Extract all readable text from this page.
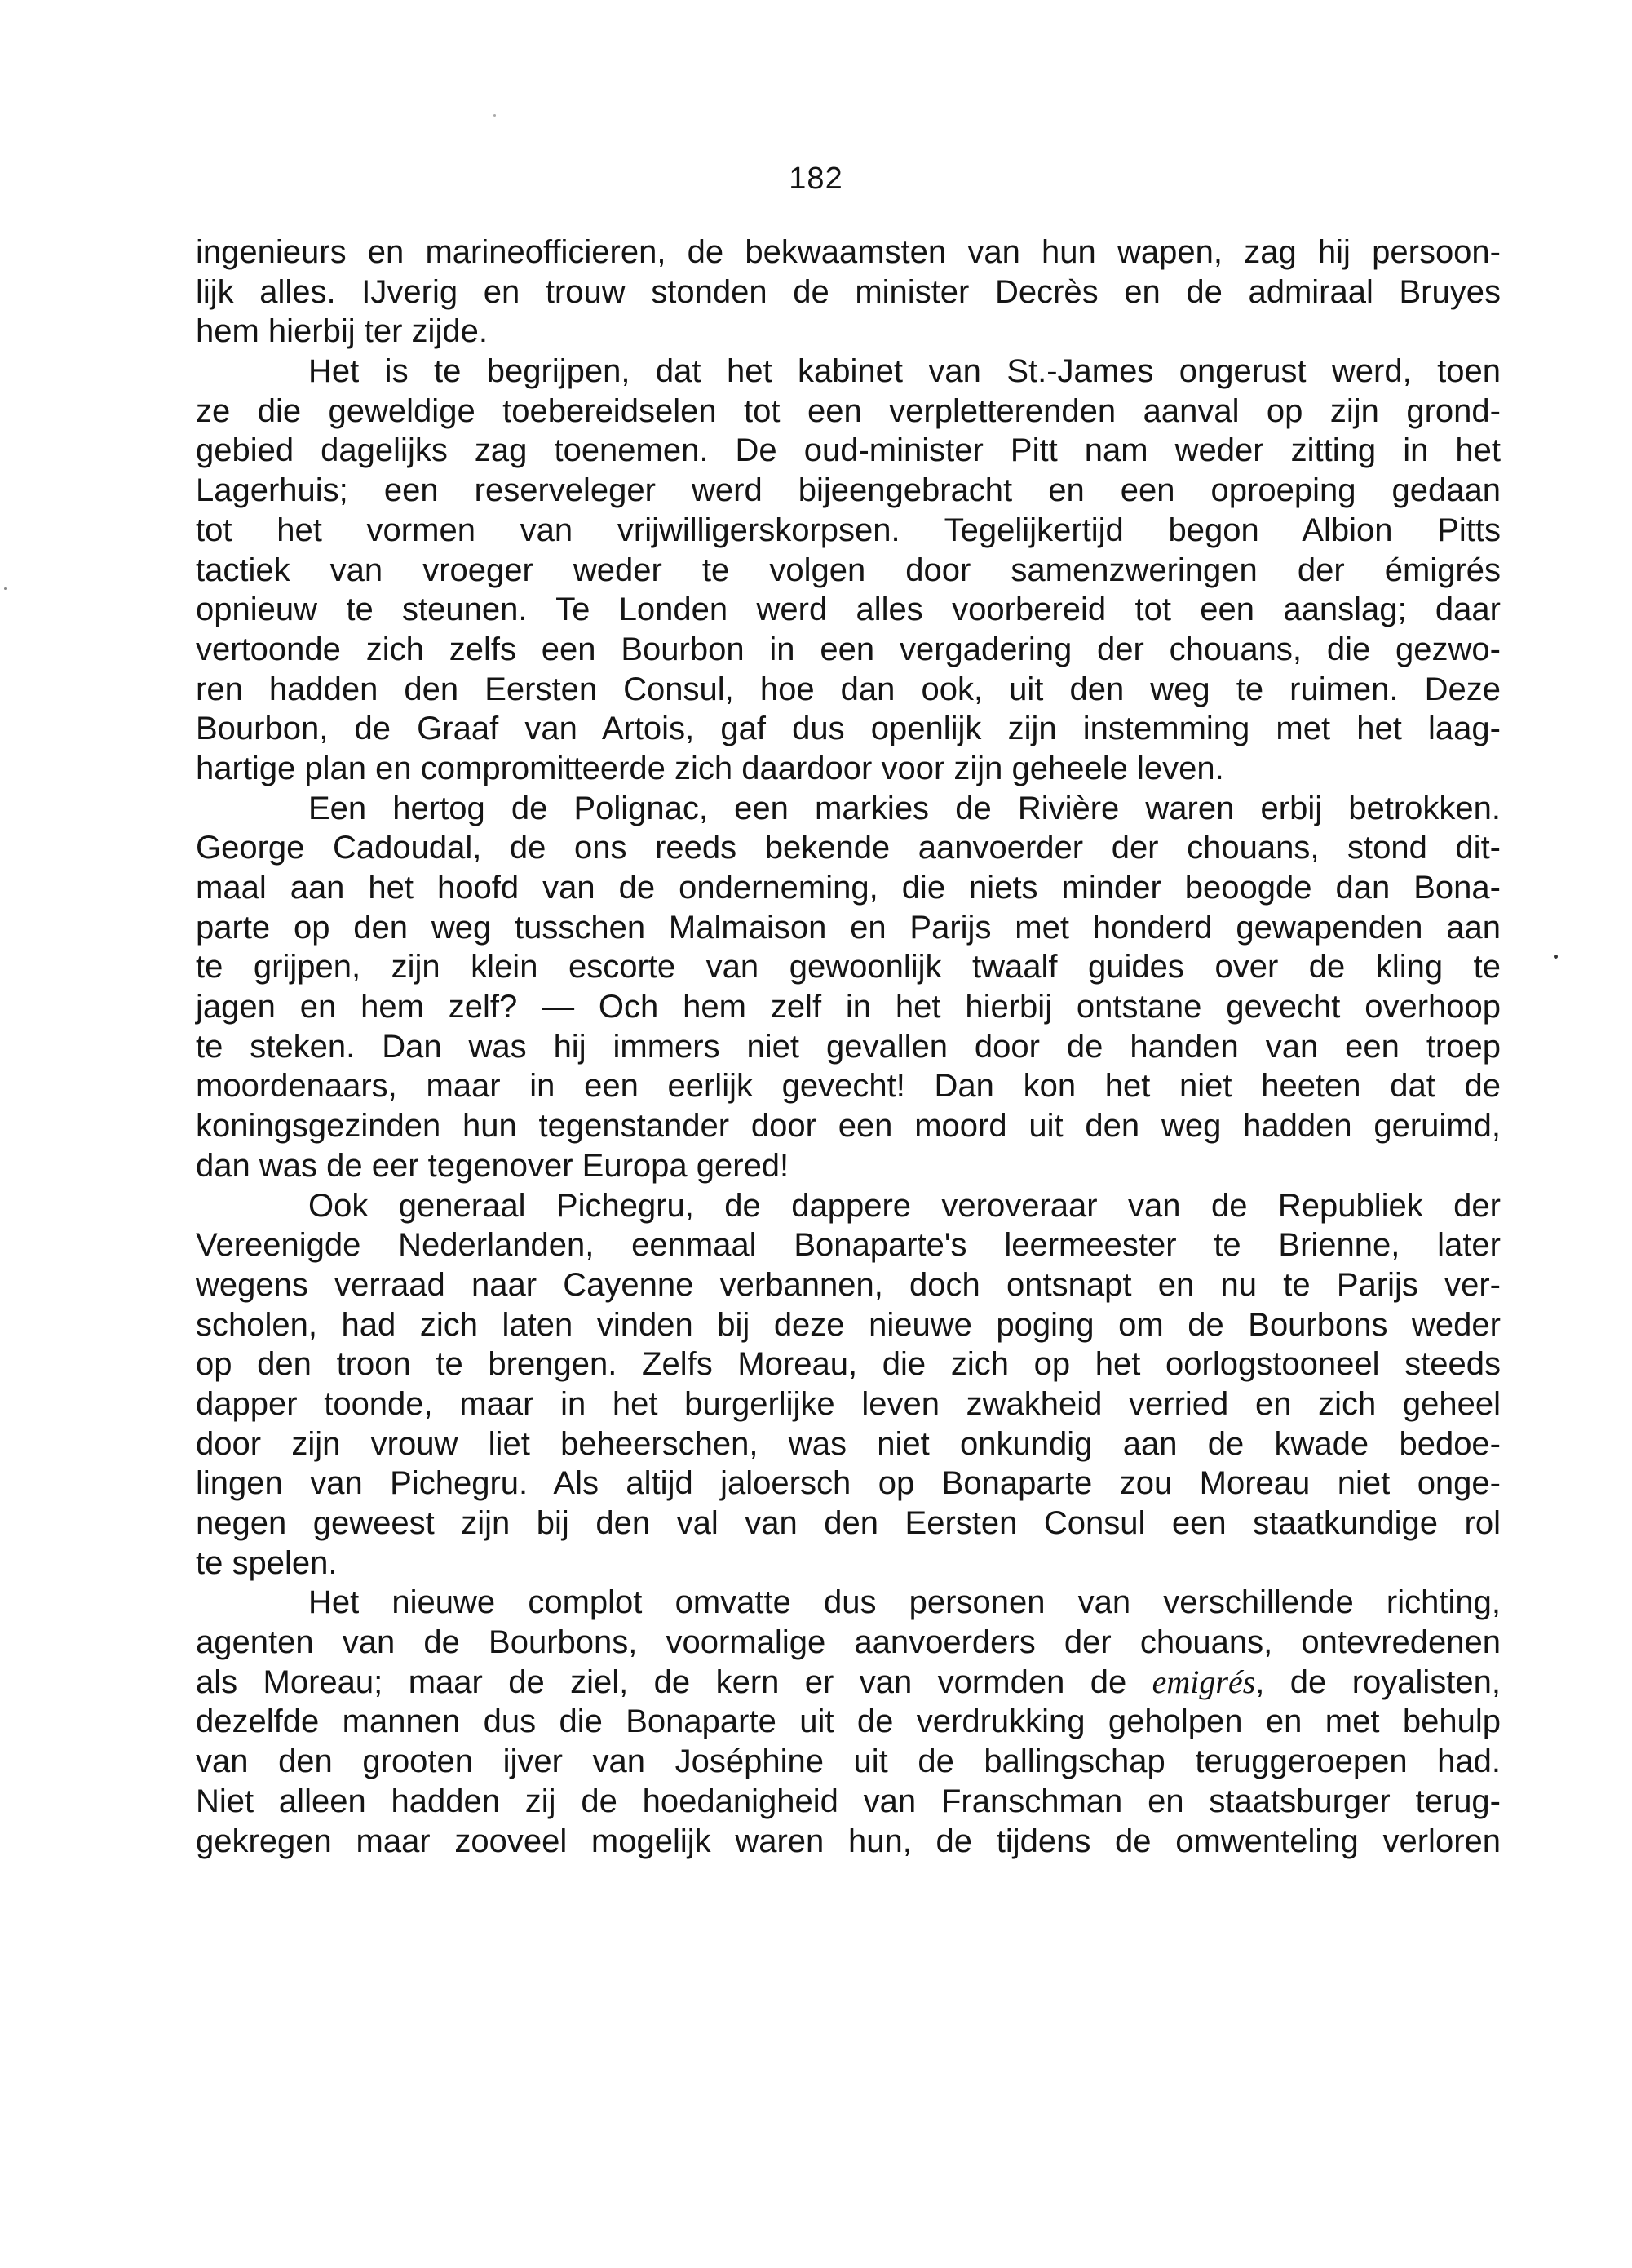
182
ingenieurs en marineofficieren, de bekwaamsten van hun wapen, zag hij persoon-
lijk alles. IJverig en trouw stonden de minister Decrès en de admiraal Bruyes
hem hierbij ter zijde.
Het is te begrijpen, dat het kabinet van St.-James ongerust werd, toen
ze die geweldige toebereidselen tot een verpletterenden aanval op zijn grond-
gebied dagelijks zag toenemen. De oud-minister Pitt nam weder zitting in het
Lagerhuis; een reserveleger werd bijeengebracht en een oproeping gedaan
tot het vormen van vrijwilligerskorpsen. Tegelijkertijd begon Albion Pitts
tactiek van vroeger weder te volgen door samenzweringen der émigrés
opnieuw te steunen. Te Londen werd alles voorbereid tot een aanslag; daar
vertoonde zich zelfs een Bourbon in een vergadering der chouans, die gezwo-
ren hadden den Eersten Consul, hoe dan ook, uit den weg te ruimen. Deze
Bourbon, de Graaf van Artois, gaf dus openlijk zijn instemming met het laag-
hartige plan en compromitteerde zich daardoor voor zijn geheele leven.
Een hertog de Polignac, een markies de Rivière waren erbij betrokken.
George Cadoudal, de ons reeds bekende aanvoerder der chouans, stond dit-
maal aan het hoofd van de onderneming, die niets minder beoogde dan Bona-
parte op den weg tusschen Malmaison en Parijs met honderd gewapenden aan
te grijpen, zijn klein escorte van gewoonlijk twaalf guides over de kling te
jagen en hem zelf? — Och hem zelf in het hierbij ontstane gevecht overhoop
te steken. Dan was hij immers niet gevallen door de handen van een troep
moordenaars, maar in een eerlijk gevecht! Dan kon het niet heeten dat de
koningsgezinden hun tegenstander door een moord uit den weg hadden geruimd,
dan was de eer tegenover Europa gered!
Ook generaal Pichegru, de dappere veroveraar van de Republiek der
Vereenigde Nederlanden, eenmaal Bonaparte's leermeester te Brienne, later
wegens verraad naar Cayenne verbannen, doch ontsnapt en nu te Parijs ver-
scholen, had zich laten vinden bij deze nieuwe poging om de Bourbons weder
op den troon te brengen. Zelfs Moreau, die zich op het oorlogstooneel steeds
dapper toonde, maar in het burgerlijke leven zwakheid verried en zich geheel
door zijn vrouw liet beheerschen, was niet onkundig aan de kwade bedoe-
lingen van Pichegru. Als altijd jaloersch op Bonaparte zou Moreau niet onge-
negen geweest zijn bij den val van den Eersten Consul een staatkundige rol
te spelen.
Het nieuwe complot omvatte dus personen van verschillende richting,
agenten van de Bourbons, voormalige aanvoerders der chouans, ontevredenen
als Moreau; maar de ziel, de kern er van vormden de emigrés, de royalisten,
dezelfde mannen dus die Bonaparte uit de verdrukking geholpen en met behulp
van den grooten ijver van Joséphine uit de ballingschap teruggeroepen had.
Niet alleen hadden zij de hoedanigheid van Franschman en staatsburger terug-
gekregen maar zooveel mogelijk waren hun, de tijdens de omwenteling verloren
